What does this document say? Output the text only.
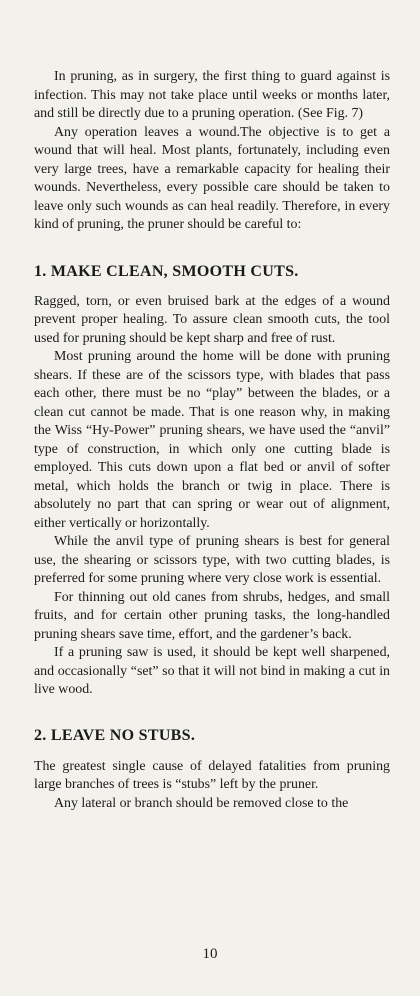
In pruning, as in surgery, the first thing to guard against is infection. This may not take place until weeks or months later, and still be directly due to a pruning operation. (See Fig. 7)

Any operation leaves a wound.The objective is to get a wound that will heal. Most plants, fortunately, including even very large trees, have a remarkable capacity for healing their wounds. Nevertheless, every possible care should be taken to leave only such wounds as can heal readily. Therefore, in every kind of pruning, the pruner should be careful to:

1. MAKE CLEAN, SMOOTH CUTS.

Ragged, torn, or even bruised bark at the edges of a wound prevent proper healing. To assure clean smooth cuts, the tool used for pruning should be kept sharp and free of rust.

Most pruning around the home will be done with pruning shears. If these are of the scissors type, with blades that pass each other, there must be no “play” between the blades, or a clean cut cannot be made. That is one reason why, in making the Wiss “Hy-Power” pruning shears, we have used the “anvil” type of construction, in which only one cutting blade is employed. This cuts down upon a flat bed or anvil of softer metal, which holds the branch or twig in place. There is absolutely no part that can spring or wear out of alignment, either vertically or horizontally.

While the anvil type of pruning shears is best for general use, the shearing or scissors type, with two cutting blades, is preferred for some pruning where very close work is essential.

For thinning out old canes from shrubs, hedges, and small fruits, and for certain other pruning tasks, the long-handled pruning shears save time, effort, and the gardener’s back.

If a pruning saw is used, it should be kept well sharpened, and occasionally “set” so that it will not bind in making a cut in live wood.

2. LEAVE NO STUBS.

The greatest single cause of delayed fatalities from pruning large branches of trees is “stubs” left by the pruner.

Any lateral or branch should be removed close to the

10
